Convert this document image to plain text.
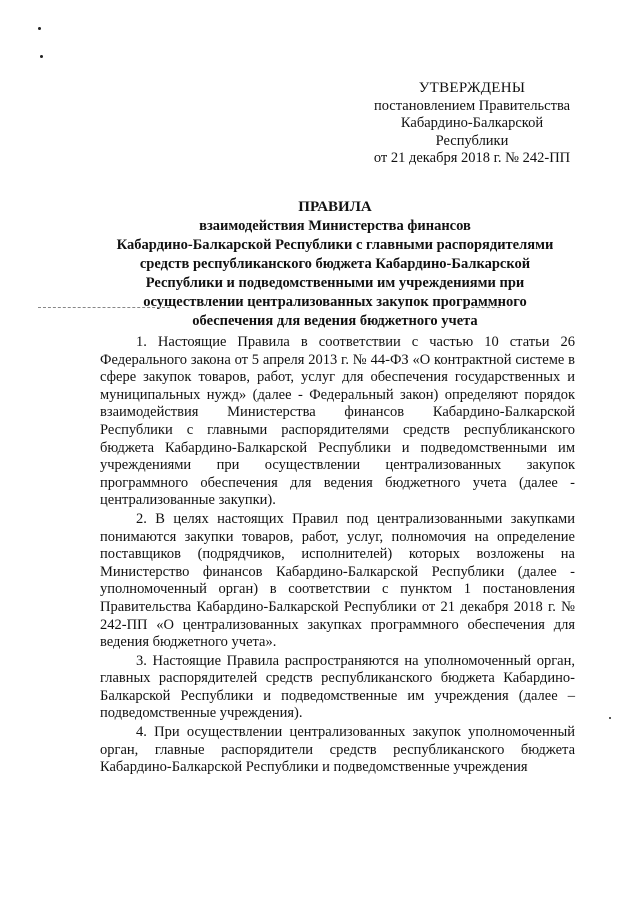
УТВЕРЖДЕНЫ
постановлением Правительства
Кабардино-Балкарской
Республики
от 21 декабря 2018 г. № 242-ПП
ПРАВИЛА
взаимодействия Министерства финансов
Кабардино-Балкарской Республики с главными распорядителями
средств республиканского бюджета Кабардино-Балкарской
Республики и подведомственными им учреждениями при
осуществлении централизованных закупок программного
обеспечения для ведения бюджетного учета

1. Настоящие Правила в соответствии с частью 10 статьи 26 Федерального закона от 5 апреля 2013 г. № 44-ФЗ «О контрактной системе в сфере закупок товаров, работ, услуг для обеспечения государственных и муниципальных нужд» (далее - Федеральный закон) определяют порядок взаимодействия Министерства финансов Кабардино-Балкарской Республики с главными распорядителями средств республиканского бюджета Кабардино-Балкарской Республики и подведомственными им учреждениями при осуществлении централизованных закупок программного обеспечения для ведения бюджетного учета (далее - централизованные закупки).

2. В целях настоящих Правил под централизованными закупками понимаются закупки товаров, работ, услуг, полномочия на определение поставщиков (подрядчиков, исполнителей) которых возложены на Министерство финансов Кабардино-Балкарской Республики (далее - уполномоченный орган) в соответствии с пунктом 1 постановления Правительства Кабардино-Балкарской Республики от 21 декабря 2018 г. № 242-ПП «О централизованных закупках программного обеспечения для ведения бюджетного учета».

3. Настоящие Правила распространяются на уполномоченный орган, главных распорядителей средств республиканского бюджета Кабардино-Балкарской Республики и подведомственные им учреждения (далее – подведомственные учреждения).

4. При осуществлении централизованных закупок уполномоченный орган, главные распорядители средств республиканского бюджета Кабардино-Балкарской Республики и подведомственные учреждения
